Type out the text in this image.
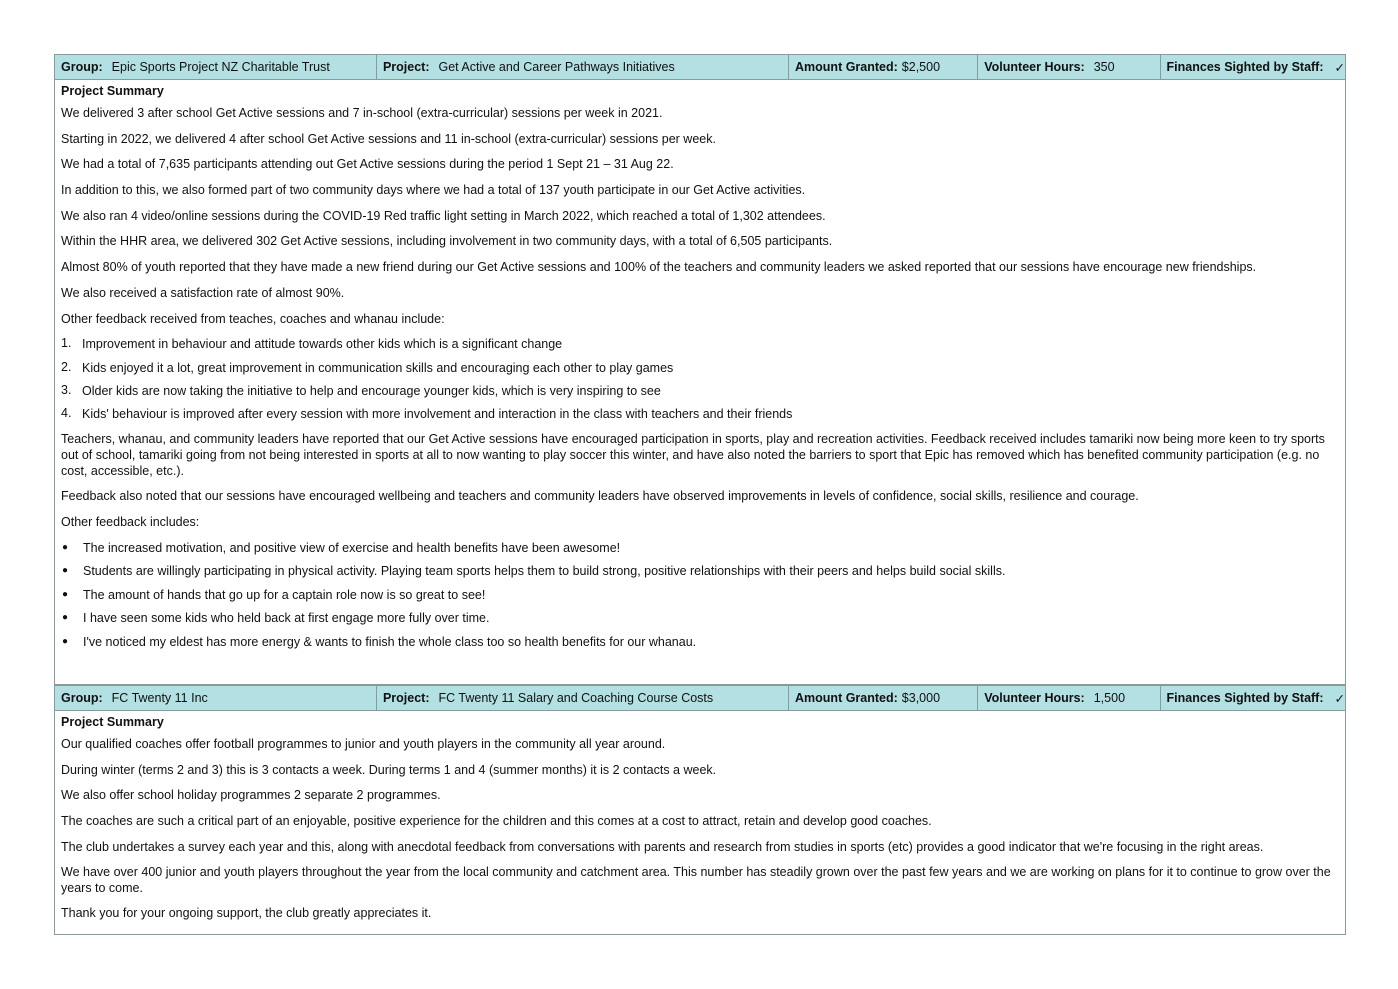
Group: Epic Sports Project NZ Charitable Trust	Project: Get Active and Career Pathways Initiatives	Amount Granted: $2,500	Volunteer Hours: 350	Finances Sighted by Staff: ✓

Project Summary

We delivered 3 after school Get Active sessions and 7 in-school (extra-curricular) sessions per week in 2021.

Starting in 2022, we delivered 4 after school Get Active sessions and 11 in-school (extra-curricular) sessions per week.

We had a total of 7,635 participants attending out Get Active sessions during the period 1 Sept 21 – 31 Aug 22.

In addition to this, we also formed part of two community days where we had a total of 137 youth participate in our Get Active activities.

We also ran 4 video/online sessions during the COVID-19 Red traffic light setting in March 2022, which reached a total of 1,302 attendees.

Within the HHR area, we delivered 302 Get Active sessions, including involvement in two community days, with a total of 6,505 participants.

Almost 80% of youth reported that they have made a new friend during our Get Active sessions and 100% of the teachers and community leaders we asked reported that our sessions have encourage new friendships.

We also received a satisfaction rate of almost 90%.

Other feedback received from teaches, coaches and whanau include:

1. Improvement in behaviour and attitude towards other kids which is a significant change
2. Kids enjoyed it a lot, great improvement in communication skills and encouraging each other to play games
3. Older kids are now taking the initiative to help and encourage younger kids, which is very inspiring to see
4. Kids' behaviour is improved after every session with more involvement and interaction in the class with teachers and their friends

Teachers, whanau, and community leaders have reported that our Get Active sessions have encouraged participation in sports, play and recreation activities. Feedback received includes tamariki now being more keen to try sports out of school, tamariki going from not being interested in sports at all to now wanting to play soccer this winter, and have also noted the barriers to sport that Epic has removed which has benefited community participation (e.g. no cost, accessible, etc.).

Feedback also noted that our sessions have encouraged wellbeing and teachers and community leaders have observed improvements in levels of confidence, social skills, resilience and courage.

Other feedback includes:

●	The increased motivation, and positive view of exercise and health benefits have been awesome!
●	Students are willingly participating in physical activity. Playing team sports helps them to build strong, positive relationships with their peers and helps build social skills.
●	The amount of hands that go up for a captain role now is so great to see!
●	I have seen some kids who held back at first engage more fully over time.
●	I've noticed my eldest has more energy & wants to finish the whole class too so health benefits for our whanau.
Group: FC Twenty 11 Inc	Project: FC Twenty 11 Salary and Coaching Course Costs	Amount Granted: $3,000	Volunteer Hours: 1,500	Finances Sighted by Staff: ✓

Project Summary

Our qualified coaches offer football programmes to junior and youth players in the community all year around.

During winter (terms 2 and 3) this is 3 contacts a week. During terms 1 and 4 (summer months) it is 2 contacts a week.

We also offer school holiday programmes 2 separate 2 programmes.

The coaches are such a critical part of an enjoyable, positive experience for the children and this comes at a cost to attract, retain and develop good coaches.

The club undertakes a survey each year and this, along with anecdotal feedback from conversations with parents and research from studies in sports (etc) provides a good indicator that we're focusing in the right areas.

We have over 400 junior and youth players throughout the year from the local community and catchment area. This number has steadily grown over the past few years and we are working on plans for it to continue to grow over the years to come.

Thank you for your ongoing support, the club greatly appreciates it.
